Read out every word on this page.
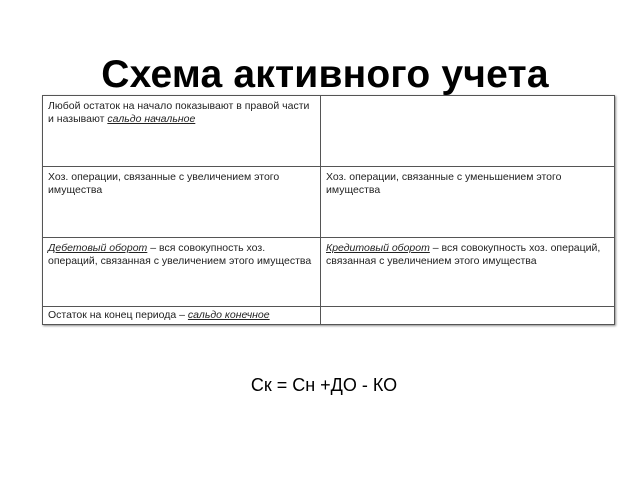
Схема активного учета
Любой остаток на начало показывают в правой части и называют сальдо начальное	
Хоз. операции, связанные с увеличением этого имущества	Хоз. операции, связанные с уменьшением этого имущества
Дебетовый оборот – вся совокупность хоз. операций, связанная с увеличением этого имущества	Кредитовый оборот – вся совокупность хоз. операций, связанная с увеличением этого имущества
Остаток на конец периода – сальдо конечное	
Ск = Сн +ДО - КО
